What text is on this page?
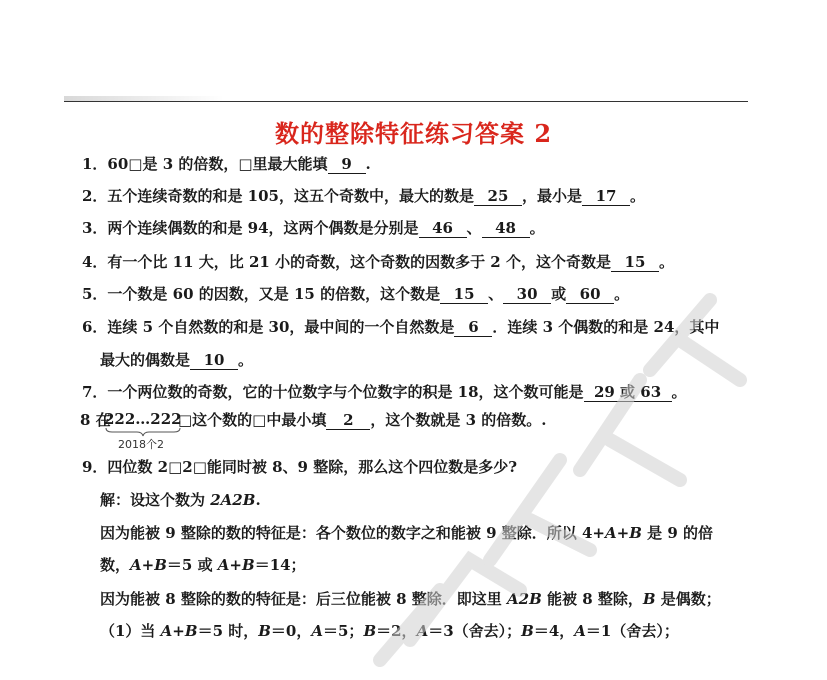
数的整除特征练习答案 2
1．60□是 3 的倍数，□里最大能填 9 .
2．五个连续奇数的和是 105，这五个奇数中，最大的数是 25 ，最小是 17 。
3．两个连续偶数的和是 94，这两个偶数是分别是 46 、 48 。
4．有一个比 11 大，比 21 小的奇数，这个奇数的因数多于 2 个，这个奇数是 15 。
5．一个数是 60 的因数，又是 15 的倍数，这个数是 15 、 30 或 60 。
6．连续 5 个自然数的和是 30，最中间的一个自然数是 6 ．连续 3 个偶数的和是 24，其中
最大的偶数是 10 。
7．一个两位数的奇数，它的十位数字与个位数字的积是 18，这个数可能是 29 或 63 。
8 在
222…222
2018个2
□这个数的□中最小填 2 ，这个数就是 3 的倍数。.
9．四位数 2□2□能同时被 8、9 整除，那么这个四位数是多少?
解：设这个数为 2A2B.
因为能被 9 整除的数的特征是：各个数位的数字之和能被 9 整除．所以 4+A+B 是 9 的倍
数，A+B＝5 或 A+B＝14；
因为能被 8 整除的数的特征是：后三位能被 8 整除．即这里 A2B 能被 8 整除，B 是偶数；
（1）当 A+B＝5 时，B＝0，A＝5；B＝2，A＝3（舍去）；B＝4，A＝1（舍去）；
